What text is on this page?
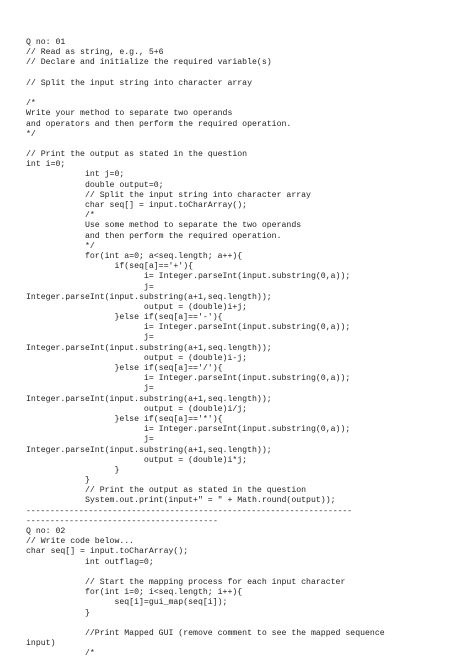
Q no: 01
// Read as string, e.g., 5+6
// Declare and initialize the required variable(s)
// Split the input string into character array
/*
Write your method to separate two operands
and operators and then perform the required operation.
*/
// Print the output as stated in the question
int i=0;
int j=0;
double output=0;
// Split the input string into character array
char seq[] = input.toCharArray();
/*
Use some method to separate the two operands
and then perform the required operation.
*/
for(int a=0; a<seq.length; a++){
if(seq[a]=='+'){
i= Integer.parseInt(input.substring(0,a));
j=
Integer.parseInt(input.substring(a+1,seq.length));
output = (double)i+j;
}else if(seq[a]=='-'){
i= Integer.parseInt(input.substring(0,a));
j=
Integer.parseInt(input.substring(a+1,seq.length));
output = (double)i-j;
}else if(seq[a]=='/'){
i= Integer.parseInt(input.substring(0,a));
j=
Integer.parseInt(input.substring(a+1,seq.length));
output = (double)i/j;
}else if(seq[a]=='*'){
i= Integer.parseInt(input.substring(0,a));
j=
Integer.parseInt(input.substring(a+1,seq.length));
output = (double)i*j;
}
}
// Print the output as stated in the question
System.out.print(input+" = " + Math.round(output));
--------------------------------------------------------------------
----------------------------------------
Q no: 02
// Write code below...
char seq[] = input.toCharArray();
int outflag=0;
// Start the mapping process for each input character
for(int i=0; i<seq.length; i++){
seq[i]=gui_map(seq[i]);
}
//Print Mapped GUI (remove comment to see the mapped sequence
input)
/*
